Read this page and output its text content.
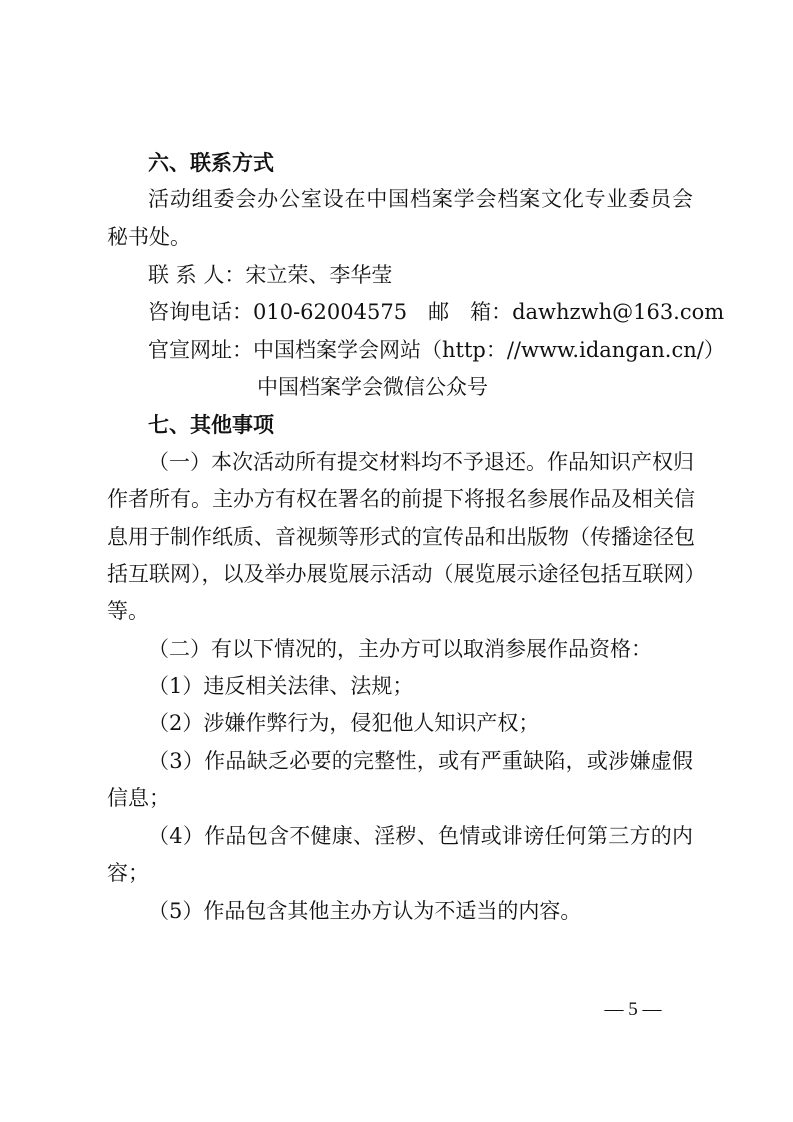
六、联系方式
活动组委会办公室设在中国档案学会档案文化专业委员会
秘书处。
联 系 人：宋立荣、李华莹
咨询电话：010-62004575　邮　箱：dawhzwh@163.com
官宣网址：中国档案学会网站（http：//www.idangan.cn/）
中国档案学会微信公众号
七、其他事项
（一）本次活动所有提交材料均不予退还。作品知识产权归
作者所有。主办方有权在署名的前提下将报名参展作品及相关信
息用于制作纸质、音视频等形式的宣传品和出版物（传播途径包
括互联网），以及举办展览展示活动（展览展示途径包括互联网）
等。
（二）有以下情况的，主办方可以取消参展作品资格：
（1）违反相关法律、法规；
（2）涉嫌作弊行为，侵犯他人知识产权；
（3）作品缺乏必要的完整性，或有严重缺陷，或涉嫌虚假
信息；
（4）作品包含不健康、淫秽、色情或诽谤任何第三方的内
容；
（5）作品包含其他主办方认为不适当的内容。
— 5 —
